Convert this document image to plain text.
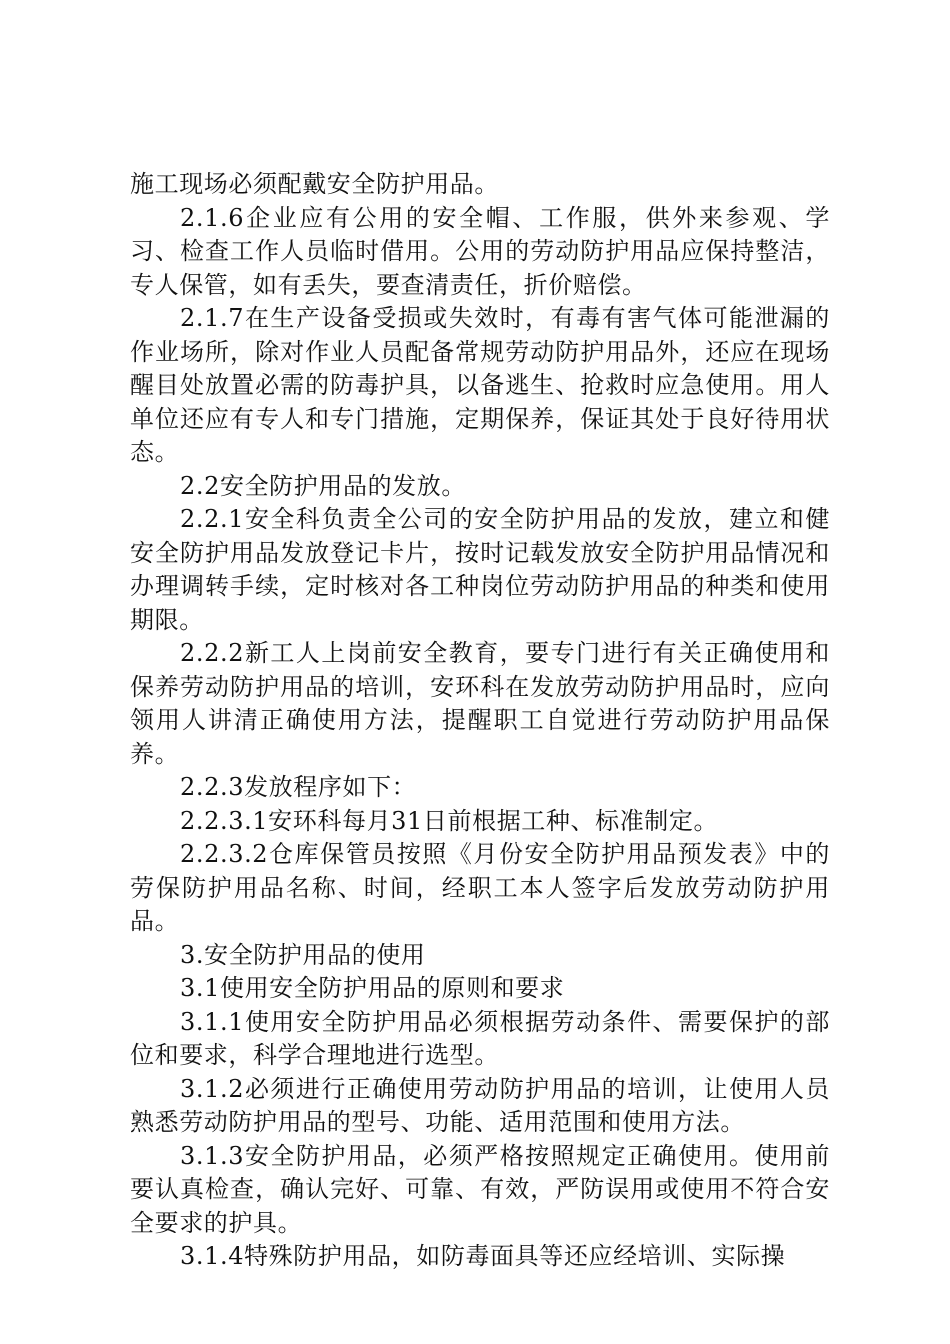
施工现场必须配戴安全防护用品。

2.1.6企业应有公用的安全帽、工作服，供外来参观、学习、检查工作人员临时借用。公用的劳动防护用品应保持整洁，专人保管，如有丢失，要查清责任，折价赔偿。

2.1.7在生产设备受损或失效时，有毒有害气体可能泄漏的作业场所，除对作业人员配备常规劳动防护用品外，还应在现场醒目处放置必需的防毒护具，以备逃生、抢救时应急使用。用人单位还应有专人和专门措施，定期保养，保证其处于良好待用状态。

2.2安全防护用品的发放。

2.2.1安全科负责全公司的安全防护用品的发放，建立和健安全防护用品发放登记卡片，按时记载发放安全防护用品情况和办理调转手续，定时核对各工种岗位劳动防护用品的种类和使用期限。

2.2.2新工人上岗前安全教育，要专门进行有关正确使用和保养劳动防护用品的培训，安环科在发放劳动防护用品时，应向领用人讲清正确使用方法，提醒职工自觉进行劳动防护用品保养。

2.2.3发放程序如下：

2.2.3.1安环科每月31日前根据工种、标准制定。

2.2.3.2仓库保管员按照《月份安全防护用品预发表》中的劳保防护用品名称、时间，经职工本人签字后发放劳动防护用品。

3.安全防护用品的使用

3.1使用安全防护用品的原则和要求

3.1.1使用安全防护用品必须根据劳动条件、需要保护的部位和要求，科学合理地进行选型。

3.1.2必须进行正确使用劳动防护用品的培训，让使用人员熟悉劳动防护用品的型号、功能、适用范围和使用方法。

3.1.3安全防护用品，必须严格按照规定正确使用。使用前要认真检查，确认完好、可靠、有效，严防误用或使用不符合安全要求的护具。

3.1.4特殊防护用品，如防毒面具等还应经培训、实际操
